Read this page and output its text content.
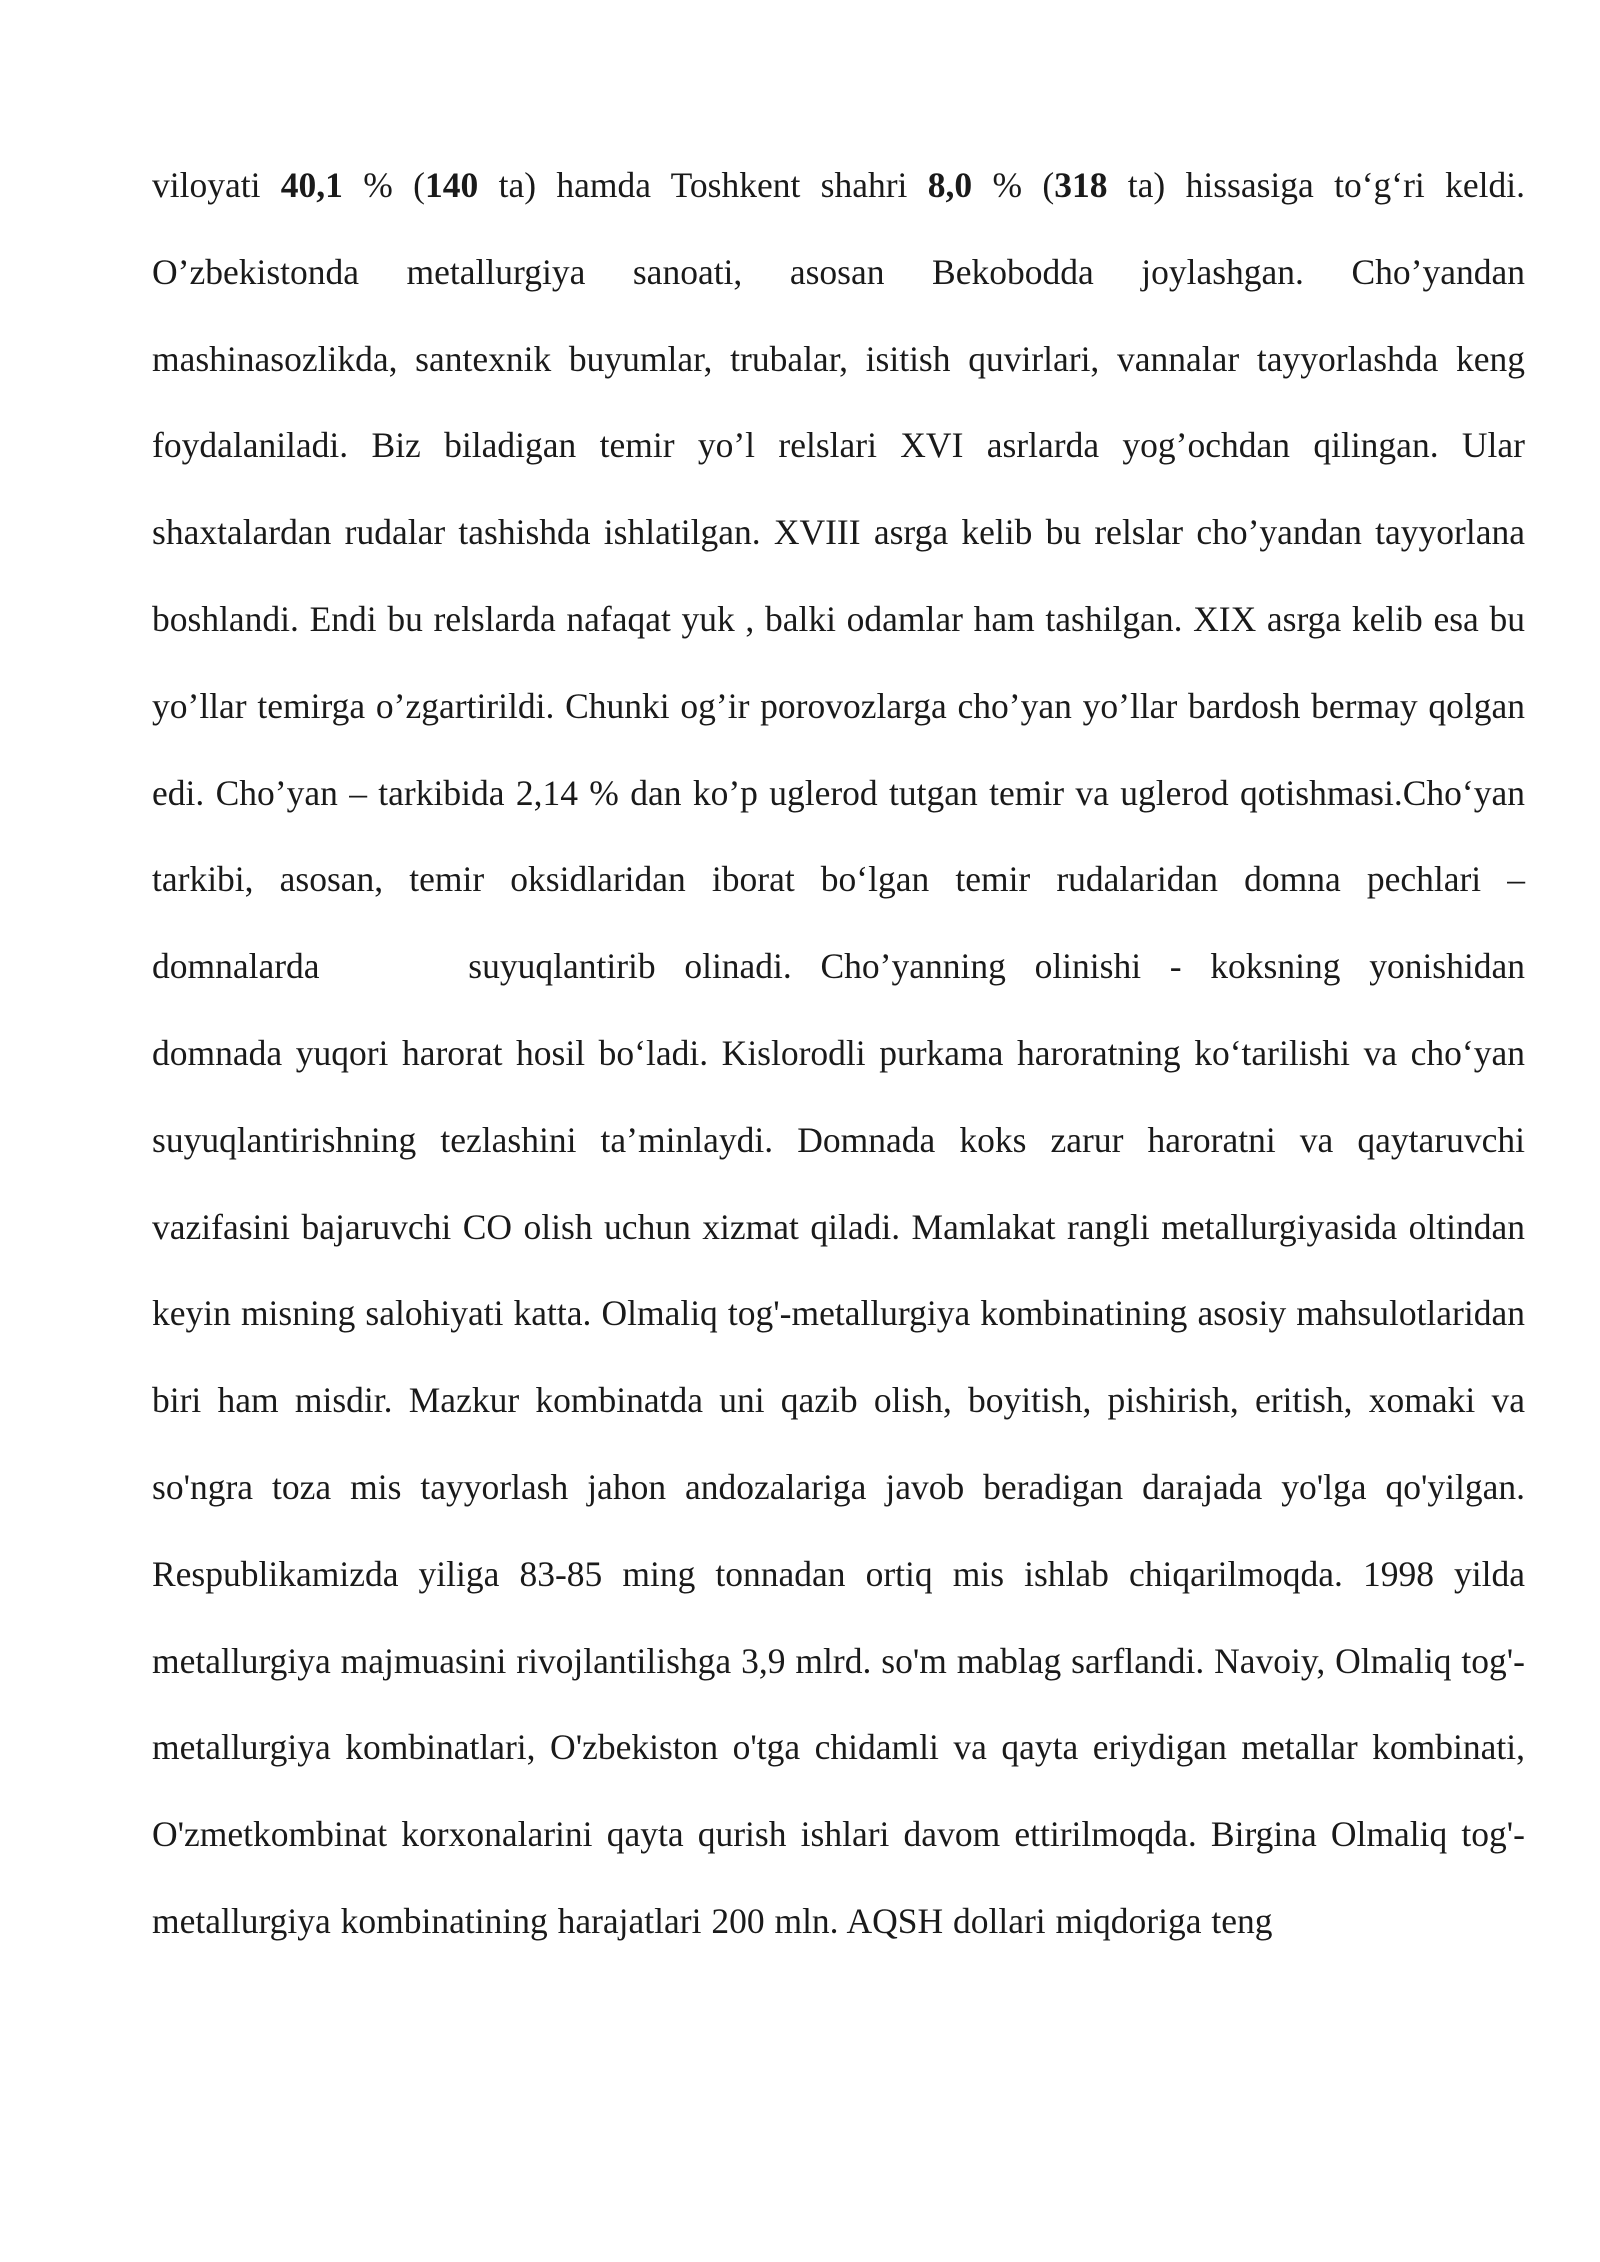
viloyati 40,1 % (140 ta) hamda Toshkent shahri 8,0 % (318 ta) hissasiga to‘g‘ri keldi. O’zbekistonda metallurgiya sanoati, asosan Bekobodda joylashgan. Cho’yandan mashinasozlikda, santexnik buyumlar, trubalar, isitish quvirlari, vannalar tayyorlashda keng foydalaniladi. Biz biladigan temir yo’l relslari XVI asrlarda yog’ochdan qilingan. Ular shaxtalardan rudalar tashishda ishlatilgan. XVIII asrga kelib bu relslar cho’yandan tayyorlana boshlandi. Endi bu relslarda nafaqat yuk , balki odamlar ham tashilgan. XIX asrga kelib esa bu yo’llar temirga o’zgartirildi. Chunki og’ir porovozlarga cho’yan yo’llar bardosh bermay qolgan edi. Cho’yan – tarkibida 2,14 % dan ko’p uglerod tutgan temir va uglerod qotishmasi.Cho‘yan tarkibi, asosan, temir oksidlaridan iborat bo‘lgan temir rudalaridan domna pechlari – domnalarda	suyuqlantirib olinadi. Cho’yanning olinishi - koksning yonishidan domnada yuqori harorat hosil bo‘ladi. Kislorodli purkama haroratning ko‘tarilishi va cho‘yan suyuqlantirishning tezlashini ta’minlaydi. Domnada koks zarur haroratni va qaytaruvchi vazifasini bajaruvchi CO olish uchun xizmat qiladi. Mamlakat rangli metallurgiyasida oltindan keyin misning salohiyati katta. Olmaliq tog'-metallurgiya kombinatining asosiy mahsulotlaridan biri ham misdir. Mazkur kombinatda uni qazib olish, boyitish, pishirish, eritish, xomaki va so'ngra toza mis tayyorlash jahon andozalariga javob beradigan darajada yo'lga qo'yilgan. Respublikamizda yiliga 83-85 ming tonnadan ortiq mis ishlab chiqarilmoqda. 1998 yilda metallurgiya majmuasini rivojlantilishga 3,9 mlrd. so'm mablag sarflandi. Navoiy, Olmaliq tog'-metallurgiya kombinatlari, O'zbekiston o'tga chidamli va qayta eriydigan metallar kombinati, O'zmetkombinat korxonalarini qayta qurish ishlari davom ettirilmoqda. Birgina Olmaliq tog'-metallurgiya kombinatining harajatlari 200 mln. AQSH dollari miqdoriga teng
